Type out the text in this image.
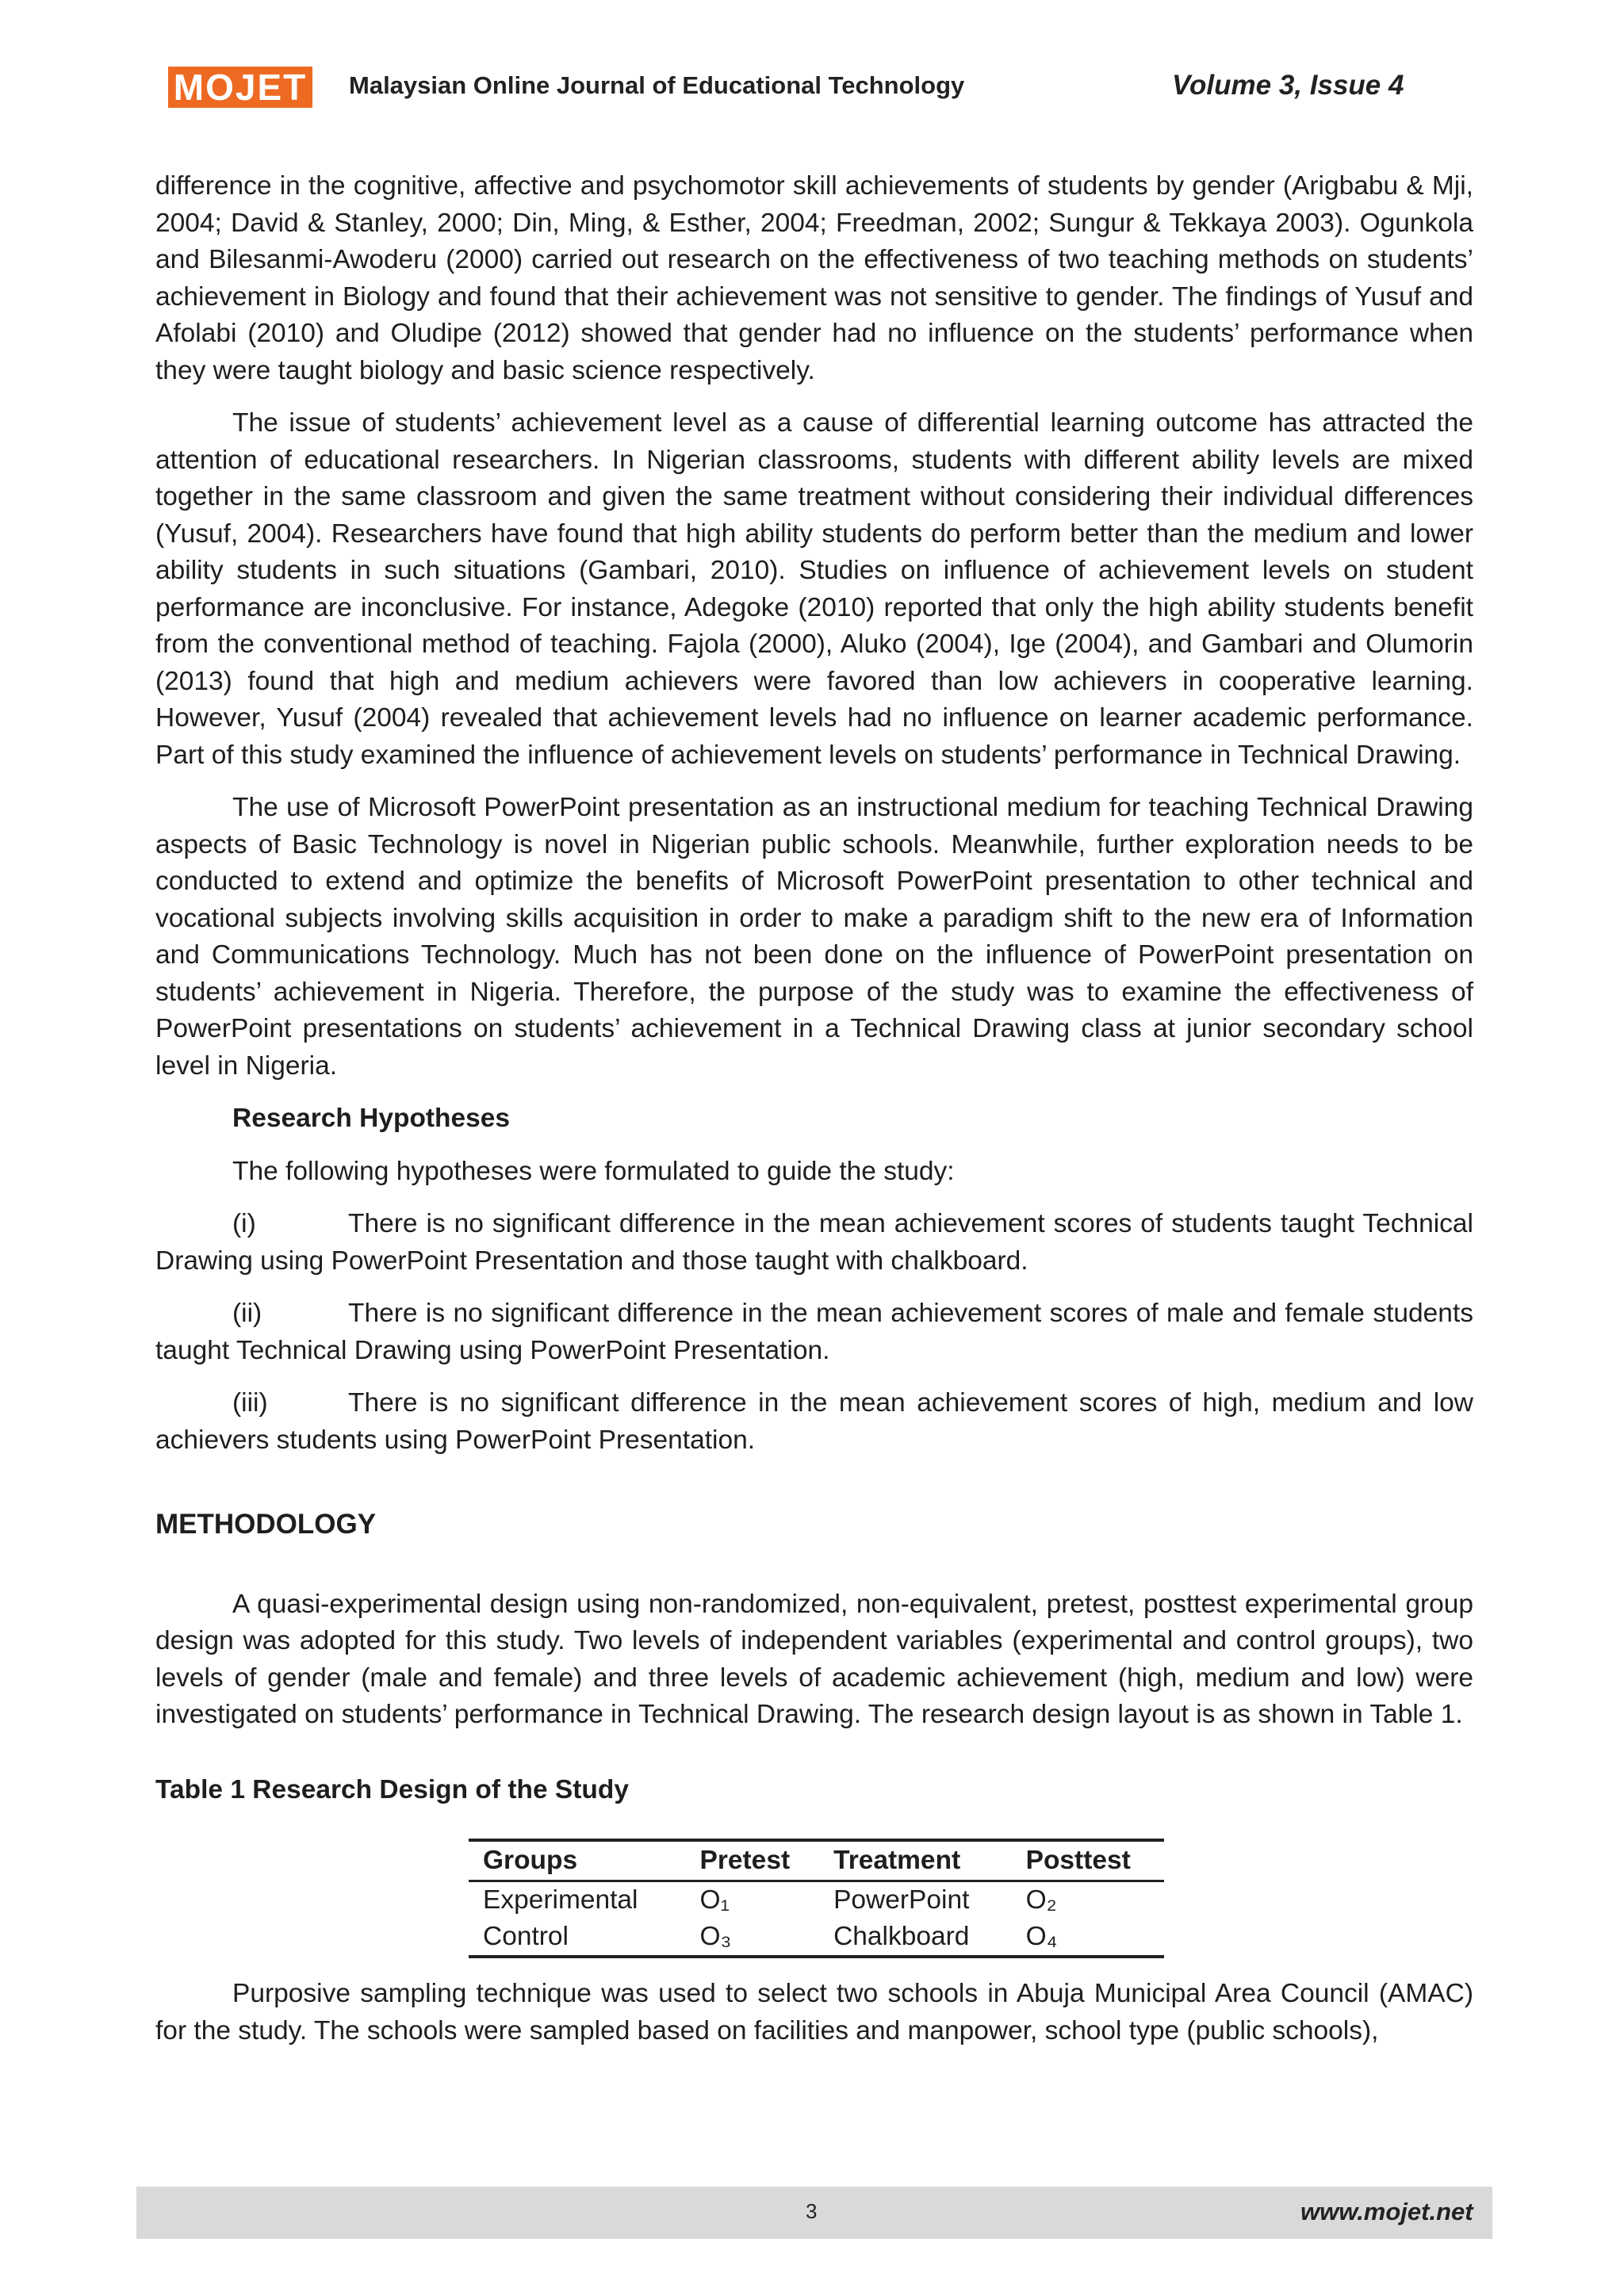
MOJET Malaysian Online Journal of Educational Technology	Volume 3, Issue 4

difference in the cognitive, affective and psychomotor skill achievements of students by gender (Arigbabu & Mji, 2004; David & Stanley, 2000; Din, Ming, & Esther, 2004; Freedman, 2002; Sungur & Tekkaya 2003). Ogunkola and Bilesanmi-Awoderu (2000) carried out research on the effectiveness of two teaching methods on students’ achievement in Biology and found that their achievement was not sensitive to gender. The findings of Yusuf and Afolabi (2010) and Oludipe (2012) showed that gender had no influence on the students’ performance when they were taught biology and basic science respectively.

The issue of students’ achievement level as a cause of differential learning outcome has attracted the attention of educational researchers. In Nigerian classrooms, students with different ability levels are mixed together in the same classroom and given the same treatment without considering their individual differences (Yusuf, 2004). Researchers have found that high ability students do perform better than the medium and lower ability students in such situations (Gambari, 2010). Studies on influence of achievement levels on student performance are inconclusive. For instance, Adegoke (2010) reported that only the high ability students benefit from the conventional method of teaching. Fajola (2000), Aluko (2004), Ige (2004), and Gambari and Olumorin (2013) found that high and medium achievers were favored than low achievers in cooperative learning. However, Yusuf (2004) revealed that achievement levels had no influence on learner academic performance. Part of this study examined the influence of achievement levels on students’ performance in Technical Drawing.

The use of Microsoft PowerPoint presentation as an instructional medium for teaching Technical Drawing aspects of Basic Technology is novel in Nigerian public schools. Meanwhile, further exploration needs to be conducted to extend and optimize the benefits of Microsoft PowerPoint presentation to other technical and vocational subjects involving skills acquisition in order to make a paradigm shift to the new era of Information and Communications Technology. Much has not been done on the influence of PowerPoint presentation on students’ achievement in Nigeria. Therefore, the purpose of the study was to examine the effectiveness of PowerPoint presentations on students’ achievement in a Technical Drawing class at junior secondary school level in Nigeria.

Research Hypotheses

The following hypotheses were formulated to guide the study:

(i)	There is no significant difference in the mean achievement scores of students taught Technical Drawing using PowerPoint Presentation and those taught with chalkboard.

(ii)	There is no significant difference in the mean achievement scores of male and female students taught Technical Drawing using PowerPoint Presentation.

(iii)	There is no significant difference in the mean achievement scores of high, medium and low achievers students using PowerPoint Presentation.

METHODOLOGY

A quasi-experimental design using non-randomized, non-equivalent, pretest, posttest experimental group design was adopted for this study. Two levels of independent variables (experimental and control groups), two levels of gender (male and female) and three levels of academic achievement (high, medium and low) were investigated on students’ performance in Technical Drawing. The research design layout is as shown in Table 1.

Table 1 Research Design of the Study

Groups	Pretest	Treatment	Posttest
Experimental	O₁	PowerPoint	O₂
Control	O₃	Chalkboard	O₄

Purposive sampling technique was used to select two schools in Abuja Municipal Area Council (AMAC) for the study. The schools were sampled based on facilities and manpower, school type (public schools),

3	www.mojet.net
